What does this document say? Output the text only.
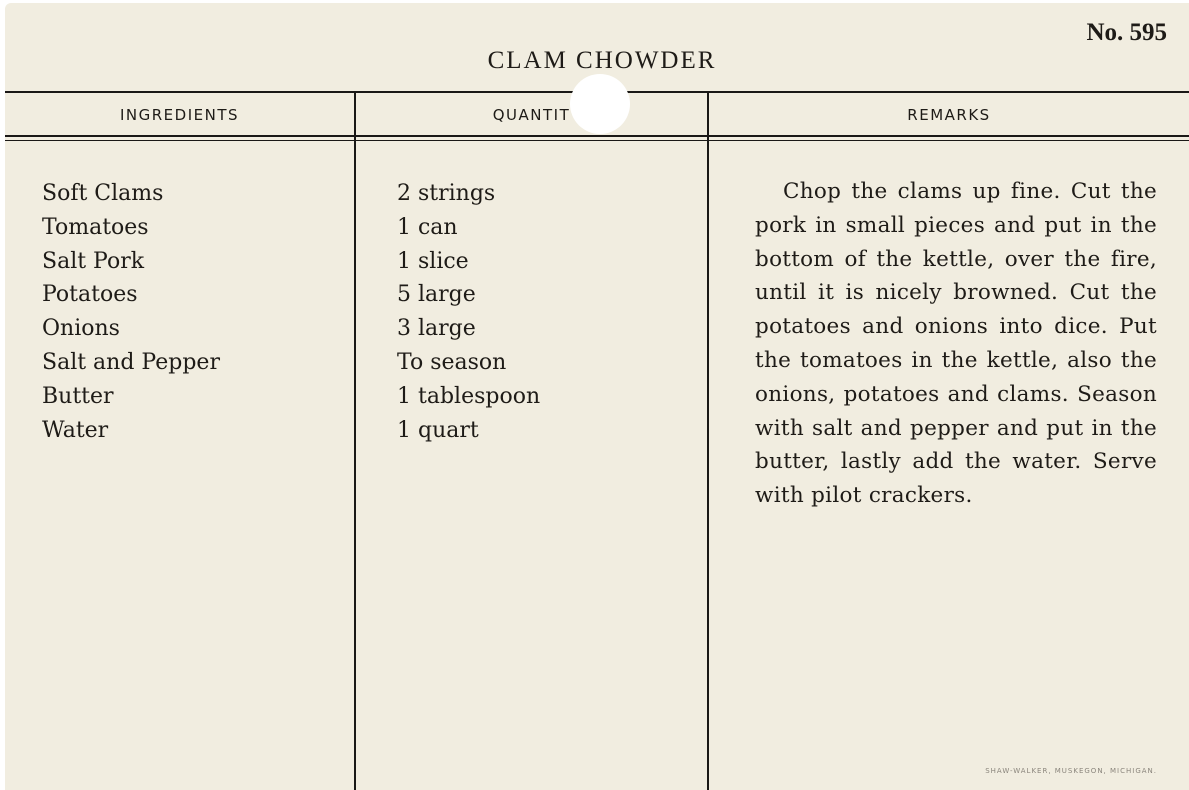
No. 595

CLAM CHOWDER

INGREDIENTS	QUANTIT	REMARKS

Soft Clams
Tomatoes
Salt Pork
Potatoes
Onions
Salt and Pepper
Butter
Water
2 strings
1 can
1 slice
5 large
3 large
To season
1 tablespoon
1 quart

Chop the clams up fine. Cut the pork in small pieces and put in the bottom of the kettle, over the fire, until it is nicely browned. Cut the potatoes and onions into dice. Put the tomatoes in the kettle, also the onions, potatoes and clams. Season with salt and pepper and put in the butter, lastly add the water. Serve with pilot crackers.

SHAW-WALKER, MUSKEGON, MICHIGAN.
